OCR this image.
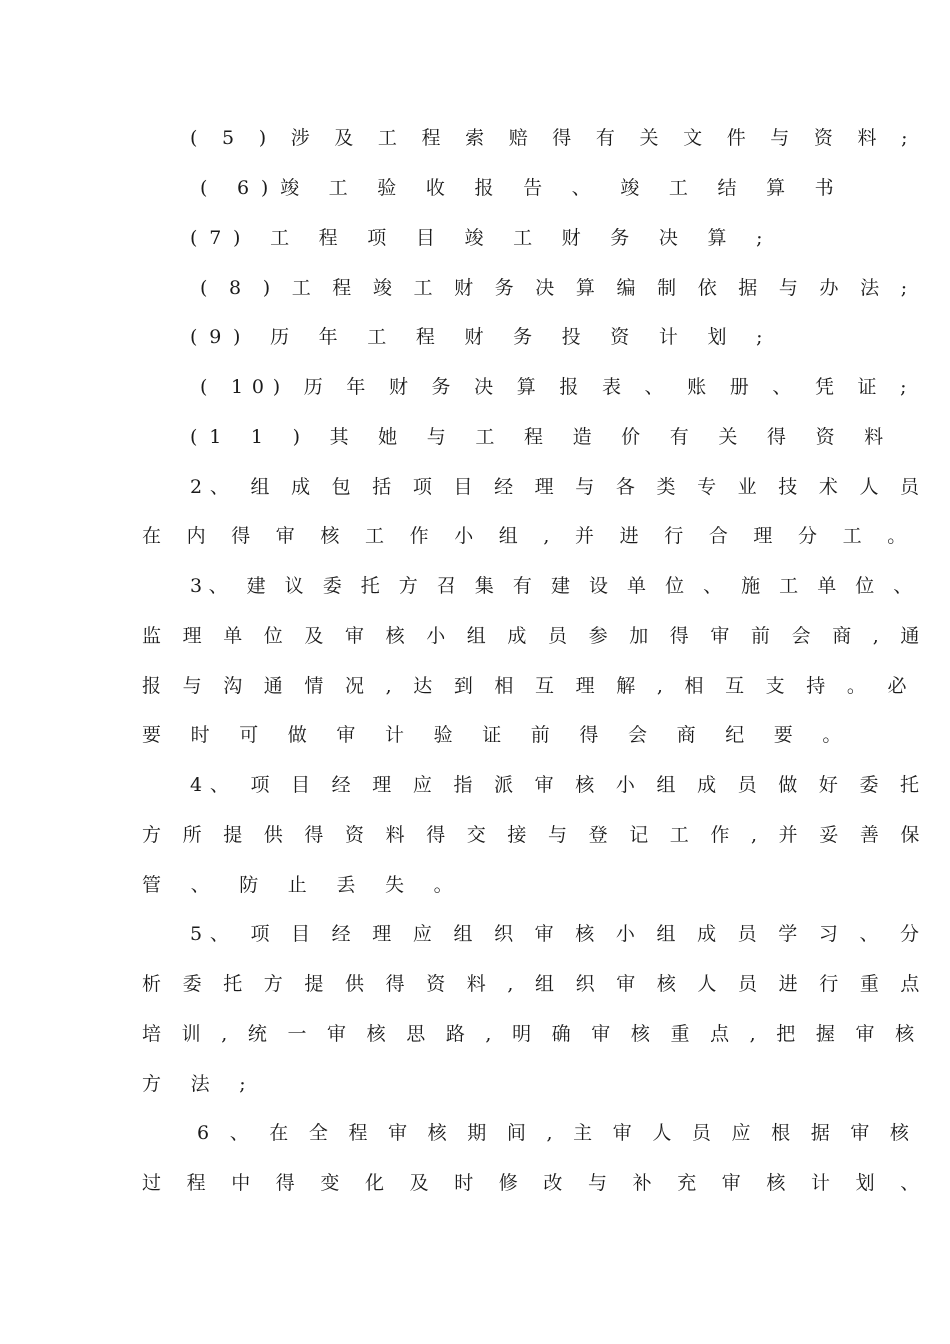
( 5 ) 涉 及 工 程 索 赔 得 有 关 文 件 与 资 料 ;
( 6)竣 工 验 收 报 告 、 竣 工 结 算 书
(7) 工 程 项 目 竣 工 财 务 决 算 ;
( 8 ) 工 程 竣 工 财 务 决 算 编 制 依 据 与 办 法 ;
(9) 历 年 工 程 财 务 投 资 计 划 ;
( 10) 历 年 财 务 决 算 报 表 、 账 册 、 凭 证 ;
(1 1 ) 其 她 与 工 程 造 价 有 关 得 资 料
2、 组 成 包 括 项 目 经 理 与 各 类 专 业 技 术 人 员
在 内 得 审 核 工 作 小 组 , 并 进 行 合 理 分 工 。
3、 建 议 委 托 方 召 集 有 建 设 单 位 、 施 工 单 位 、
监 理 单 位 及 审 核 小 组 成 员 参 加 得 审 前 会 商 , 通
报 与 沟 通 情 况 , 达 到 相 互 理 解 , 相 互 支 持 。 必
要 时 可 做 审 计 验 证 前 得 会 商 纪 要 。
4、 项 目 经 理 应 指 派 审 核 小 组 成 员 做 好 委 托
方 所 提 供 得 资 料 得 交 接 与 登 记 工 作 , 并 妥 善 保
管 、 防 止 丢 失 。
5、 项 目 经 理 应 组 织 审 核 小 组 成 员 学 习 、 分
析 委 托 方 提 供 得 资 料 , 组 织 审 核 人 员 进 行 重 点
培 训 , 统 一 审 核 思 路 , 明 确 审 核 重 点 , 把 握 审 核
方 法 ;
6 、 在 全 程 审 核 期 间 , 主 审 人 员 应 根 据 审 核
过 程 中 得 变 化 及 时 修 改 与 补 充 审 核 计 划 、
